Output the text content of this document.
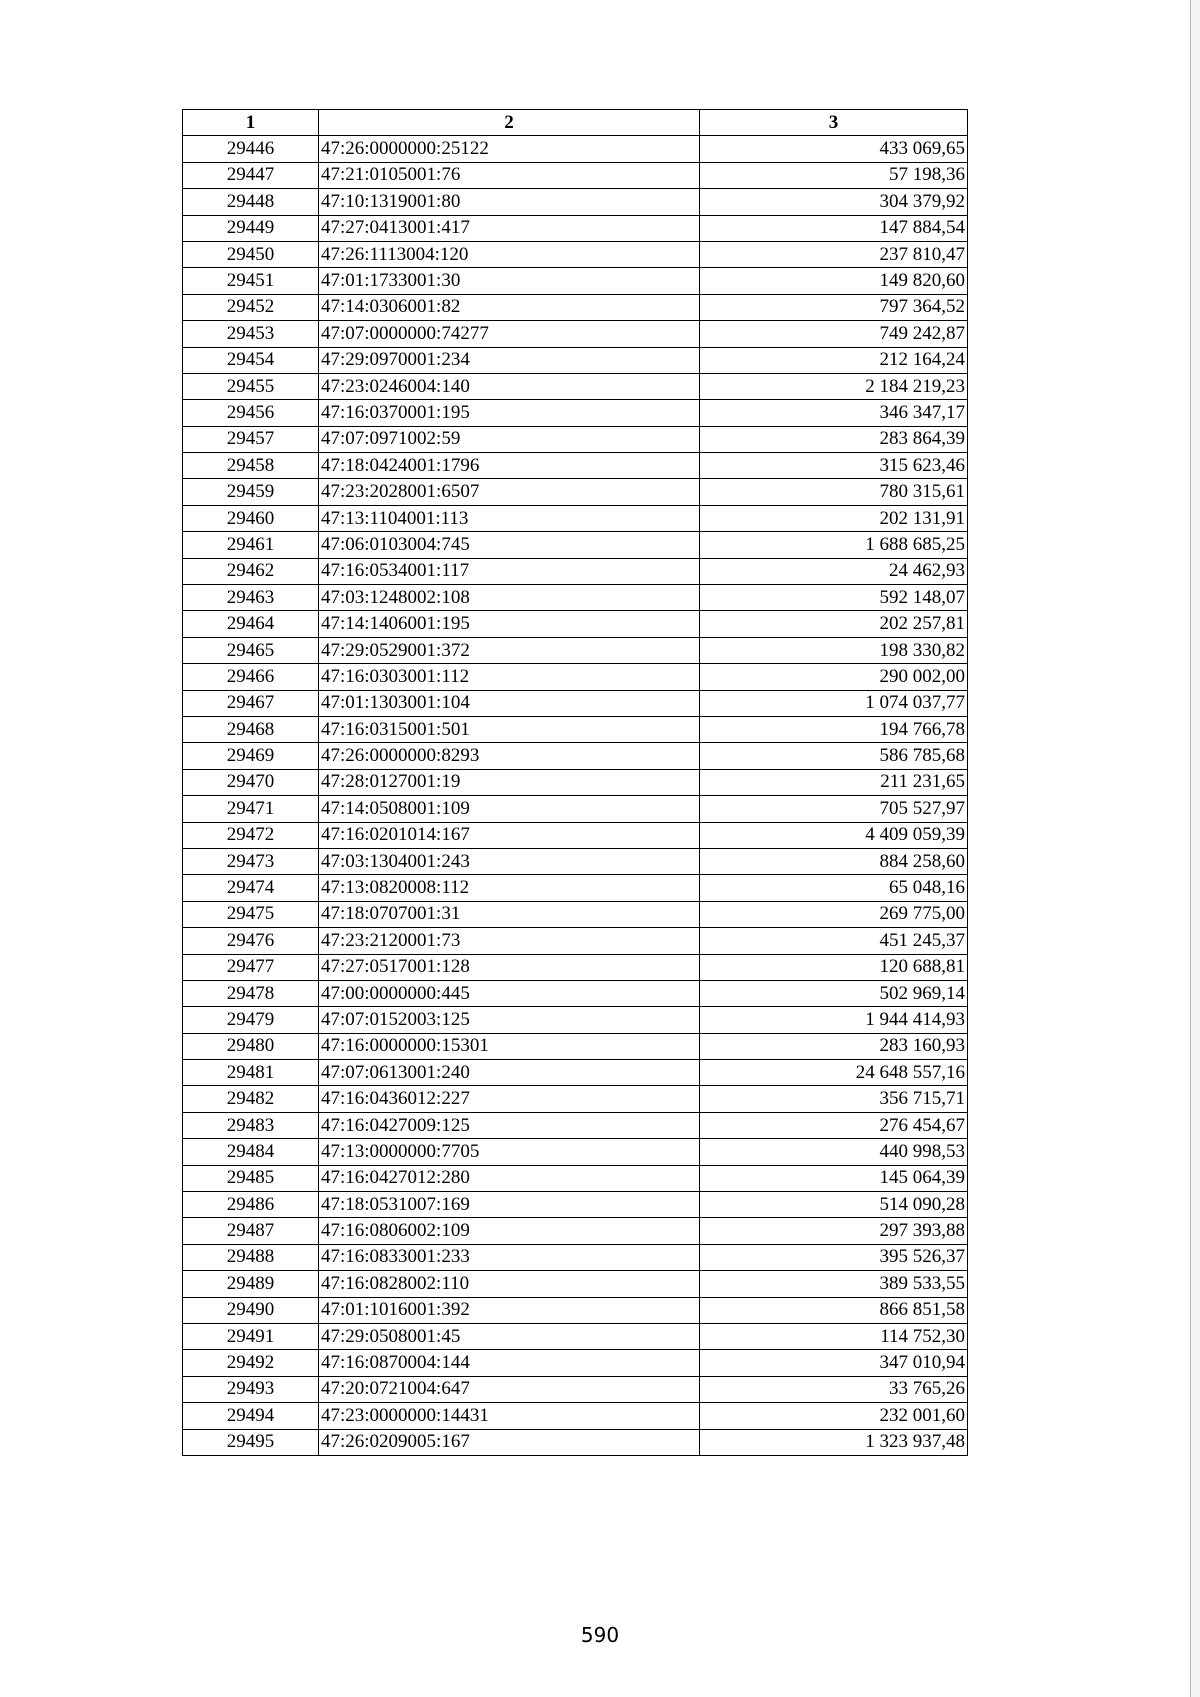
1	2	3
29446	47:26:0000000:25122	433 069,65
29447	47:21:0105001:76	57 198,36
29448	47:10:1319001:80	304 379,92
29449	47:27:0413001:417	147 884,54
29450	47:26:1113004:120	237 810,47
29451	47:01:1733001:30	149 820,60
29452	47:14:0306001:82	797 364,52
29453	47:07:0000000:74277	749 242,87
29454	47:29:0970001:234	212 164,24
29455	47:23:0246004:140	2 184 219,23
29456	47:16:0370001:195	346 347,17
29457	47:07:0971002:59	283 864,39
29458	47:18:0424001:1796	315 623,46
29459	47:23:2028001:6507	780 315,61
29460	47:13:1104001:113	202 131,91
29461	47:06:0103004:745	1 688 685,25
29462	47:16:0534001:117	24 462,93
29463	47:03:1248002:108	592 148,07
29464	47:14:1406001:195	202 257,81
29465	47:29:0529001:372	198 330,82
29466	47:16:0303001:112	290 002,00
29467	47:01:1303001:104	1 074 037,77
29468	47:16:0315001:501	194 766,78
29469	47:26:0000000:8293	586 785,68
29470	47:28:0127001:19	211 231,65
29471	47:14:0508001:109	705 527,97
29472	47:16:0201014:167	4 409 059,39
29473	47:03:1304001:243	884 258,60
29474	47:13:0820008:112	65 048,16
29475	47:18:0707001:31	269 775,00
29476	47:23:2120001:73	451 245,37
29477	47:27:0517001:128	120 688,81
29478	47:00:0000000:445	502 969,14
29479	47:07:0152003:125	1 944 414,93
29480	47:16:0000000:15301	283 160,93
29481	47:07:0613001:240	24 648 557,16
29482	47:16:0436012:227	356 715,71
29483	47:16:0427009:125	276 454,67
29484	47:13:0000000:7705	440 998,53
29485	47:16:0427012:280	145 064,39
29486	47:18:0531007:169	514 090,28
29487	47:16:0806002:109	297 393,88
29488	47:16:0833001:233	395 526,37
29489	47:16:0828002:110	389 533,55
29490	47:01:1016001:392	866 851,58
29491	47:29:0508001:45	114 752,30
29492	47:16:0870004:144	347 010,94
29493	47:20:0721004:647	33 765,26
29494	47:23:0000000:14431	232 001,60
29495	47:26:0209005:167	1 323 937,48
590
